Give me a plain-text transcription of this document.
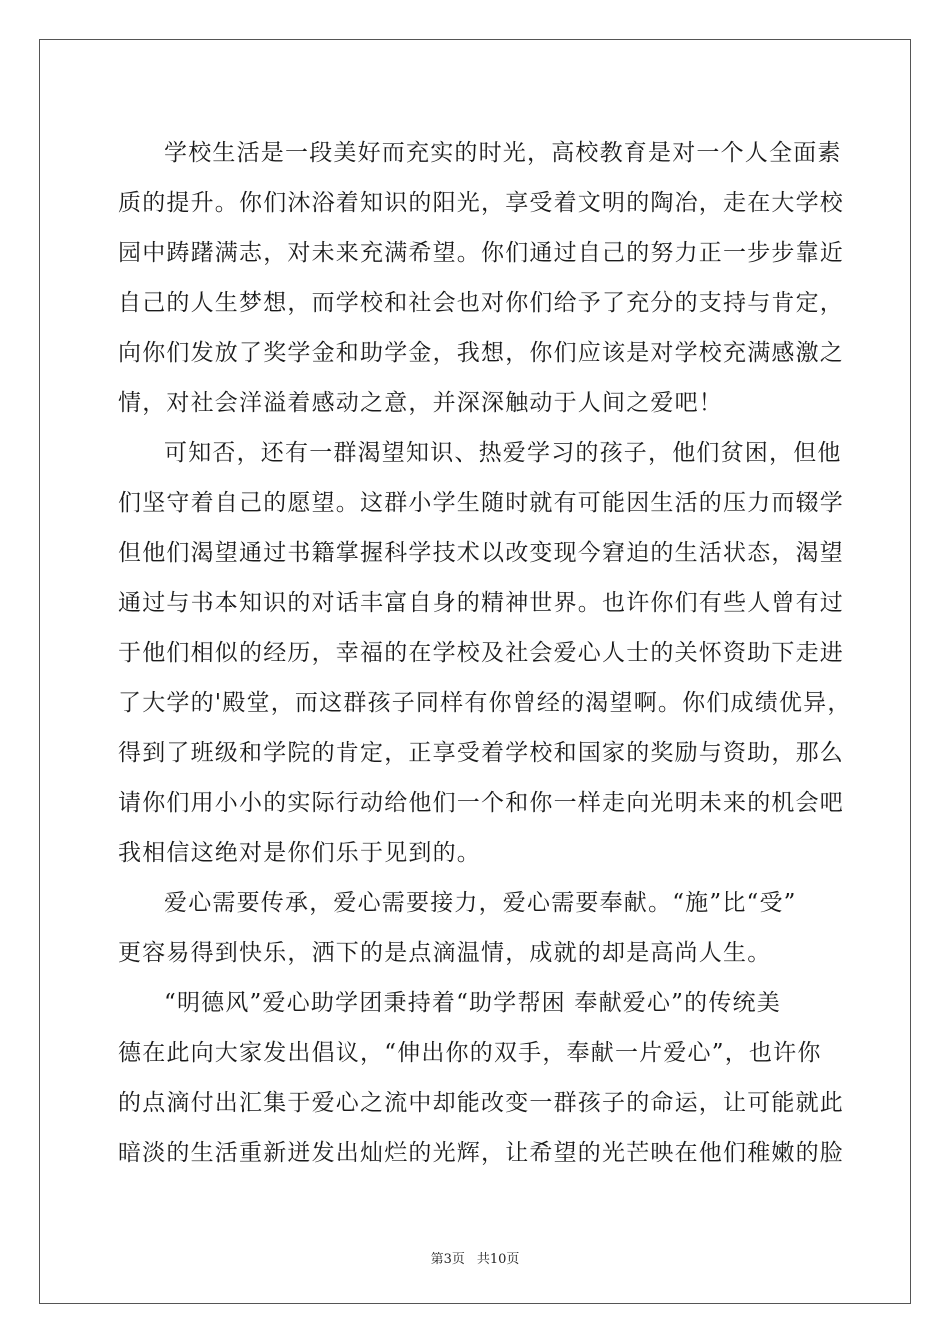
学校生活是一段美好而充实的时光，高校教育是对一个人全面素
质的提升。你们沐浴着知识的阳光，享受着文明的陶冶，走在大学校
园中踌躇满志，对未来充满希望。你们通过自己的努力正一步步靠近
自己的人生梦想，而学校和社会也对你们给予了充分的支持与肯定，
向你们发放了奖学金和助学金，我想，你们应该是对学校充满感激之
情，对社会洋溢着感动之意，并深深触动于人间之爱吧！
可知否，还有一群渴望知识、热爱学习的孩子，他们贫困，但他
们坚守着自己的愿望。这群小学生随时就有可能因生活的压力而辍学
但他们渴望通过书籍掌握科学技术以改变现今窘迫的生活状态，渴望
通过与书本知识的对话丰富自身的精神世界。也许你们有些人曾有过
于他们相似的经历，幸福的在学校及社会爱心人士的关怀资助下走进
了大学的'殿堂，而这群孩子同样有你曾经的渴望啊。你们成绩优异，
得到了班级和学院的肯定，正享受着学校和国家的奖励与资助，那么
请你们用小小的实际行动给他们一个和你一样走向光明未来的机会吧
我相信这绝对是你们乐于见到的。
爱心需要传承，爱心需要接力，爱心需要奉献。“施”比“受”
更容易得到快乐，洒下的是点滴温情，成就的却是高尚人生。
“明德风”爱心助学团秉持着“助学帮困 奉献爱心”的传统美
德在此向大家发出倡议，“伸出你的双手，奉献一片爱心”，也许你
的点滴付出汇集于爱心之流中却能改变一群孩子的命运，让可能就此
暗淡的生活重新迸发出灿烂的光辉，让希望的光芒映在他们稚嫩的脸
第3页 共10页
